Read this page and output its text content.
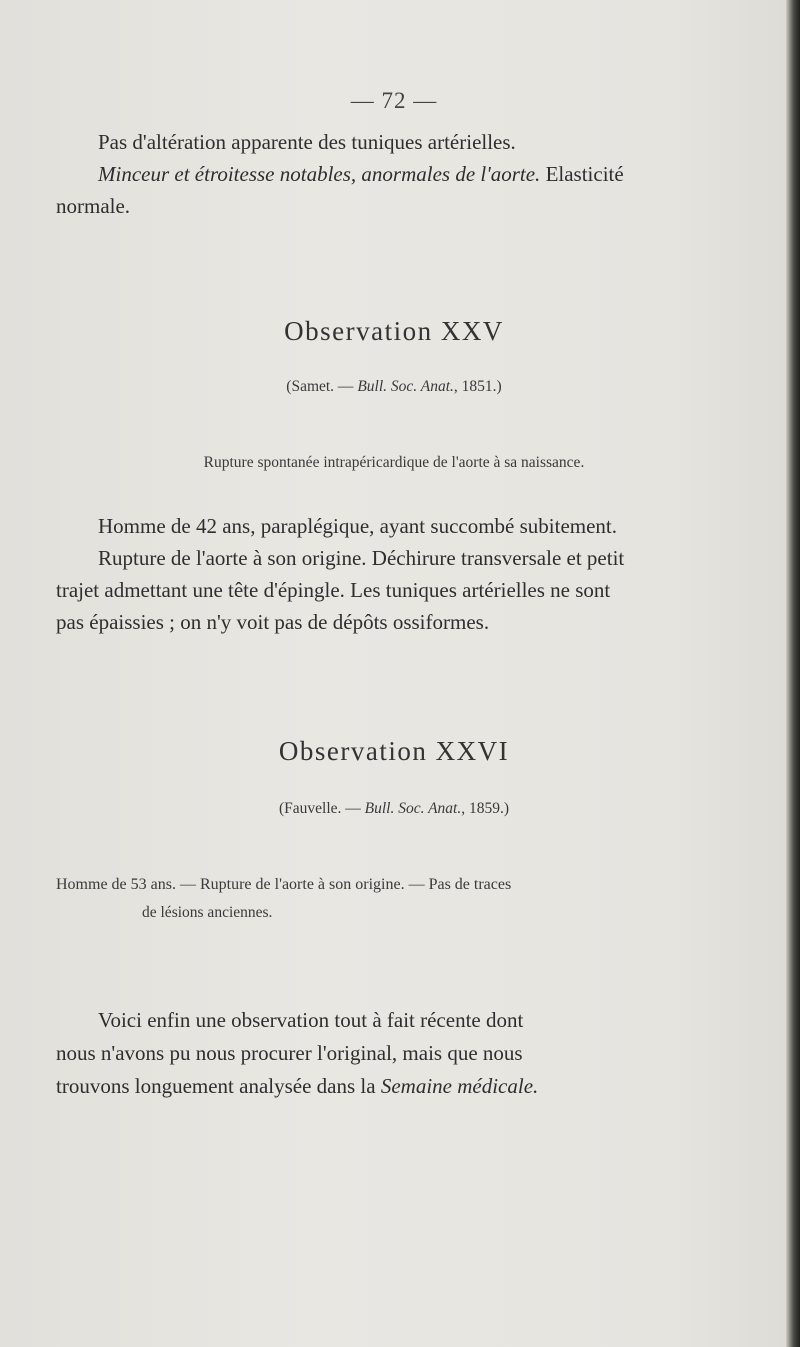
— 72 —
Pas d'altération apparente des tuniques artérielles.
Minceur et étroitesse notables, anormales de l'aorte. Elasticité
normale.
Observation XXV
(Samet. — Bull. Soc. Anat., 1851.)
Rupture spontanée intrapéricardique de l'aorte à sa naissance.
Homme de 42 ans, paraplégique, ayant succombé subitement.
Rupture de l'aorte à son origine. Déchirure transversale et petit
trajet admettant une tête d'épingle. Les tuniques artérielles ne sont
pas épaissies ; on n'y voit pas de dépôts ossiformes.
Observation XXVI
(Fauvelle. — Bull. Soc. Anat., 1859.)
Homme de 53 ans. — Rupture de l'aorte à son origine. — Pas de traces
de lésions anciennes.
Voici enfin une observation tout à fait récente dont
nous n'avons pu nous procurer l'original, mais que nous
trouvons longuement analysée dans la Semaine médicale.
